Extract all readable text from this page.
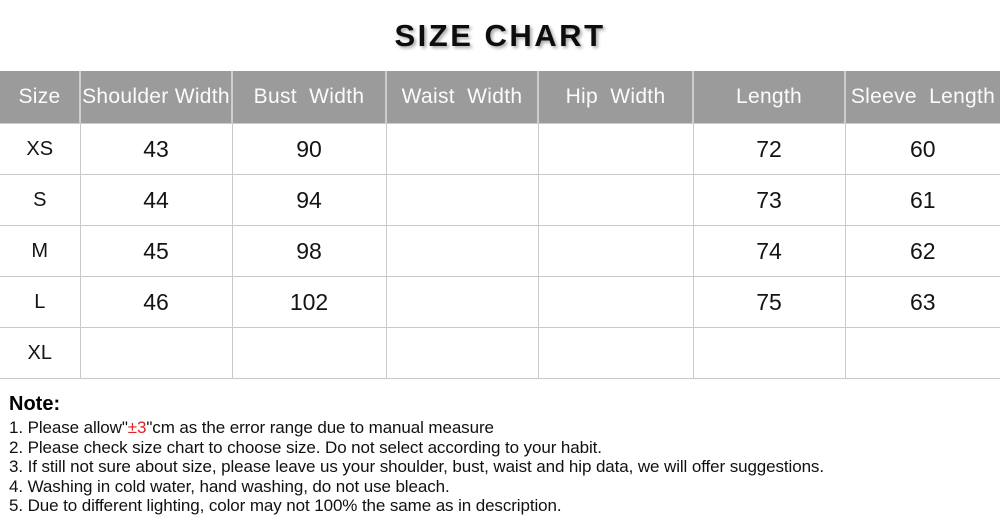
SIZE CHART
Size	Shoulder Width	Bust  Width	Waist  Width	Hip  Width	Length	Sleeve  Length
XS	43	90			72	60
S	44	94			73	61
M	45	98			74	62
L	46	102			75	63
XL						
Note:
1. Please allow"±3"cm as the error range due to manual measure
2. Please check size chart to choose size. Do not select according to your habit.
3. If still not sure about size, please leave us your shoulder, bust, waist and hip data, we will offer suggestions.
4. Washing in cold water, hand washing, do not use bleach.
5. Due to different lighting, color may not 100% the same as in description.
